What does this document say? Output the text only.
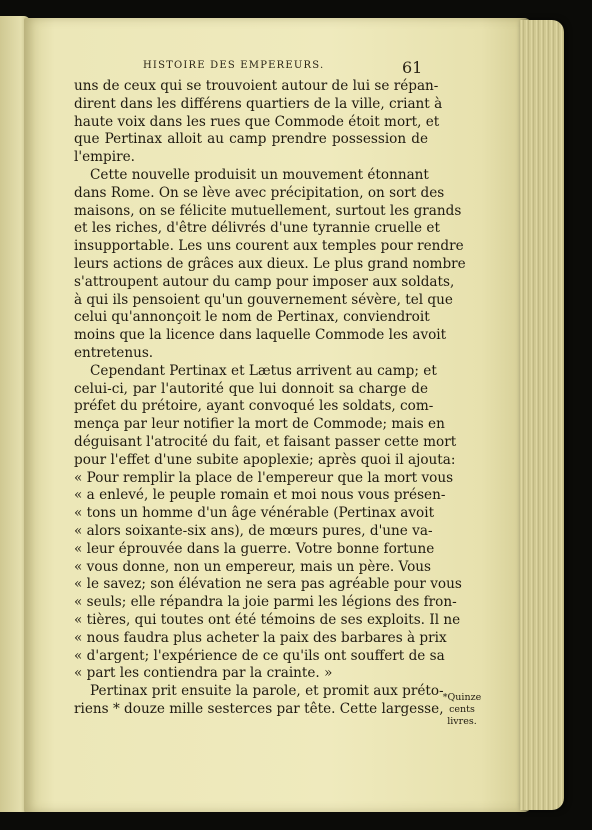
HISTOIRE DES EMPEREURS.	61
uns de ceux qui se trouvoient autour de lui se répan-
dirent dans les différens quartiers de la ville, criant à
haute voix dans les rues que Commode étoit mort, et
que Pertinax alloit au camp prendre possession de
l'empire.
Cette nouvelle produisit un mouvement étonnant
dans Rome. On se lève avec précipitation, on sort des
maisons, on se félicite mutuellement, surtout les grands
et les riches, d'être délivrés d'une tyrannie cruelle et
insupportable. Les uns courent aux temples pour rendre
leurs actions de grâces aux dieux. Le plus grand nombre
s'attroupent autour du camp pour imposer aux soldats,
à qui ils pensoient qu'un gouvernement sévère, tel que
celui qu'annonçoit le nom de Pertinax, conviendroit
moins que la licence dans laquelle Commode les avoit
entretenus.
Cependant Pertinax et Lætus arrivent au camp; et
celui-ci, par l'autorité que lui donnoit sa charge de
préfet du prétoire, ayant convoqué les soldats, com-
mença par leur notifier la mort de Commode; mais en
déguisant l'atrocité du fait, et faisant passer cette mort
pour l'effet d'une subite apoplexie; après quoi il ajouta:
« Pour remplir la place de l'empereur que la mort vous
« a enlevé, le peuple romain et moi nous vous présen-
« tons un homme d'un âge vénérable (Pertinax avoit
« alors soixante-six ans), de mœurs pures, d'une va-
« leur éprouvée dans la guerre. Votre bonne fortune
« vous donne, non un empereur, mais un père. Vous
« le savez; son élévation ne sera pas agréable pour vous
« seuls; elle répandra la joie parmi les légions des fron-
« tières, qui toutes ont été témoins de ses exploits. Il ne
« nous faudra plus acheter la paix des barbares à prix
« d'argent; l'expérience de ce qu'ils ont souffert de sa
« part les contiendra par la crainte. »
Pertinax prit ensuite la parole, et promit aux préto-
riens * douze mille sesterces par tête. Cette largesse,
*Quinze
cents livres.
